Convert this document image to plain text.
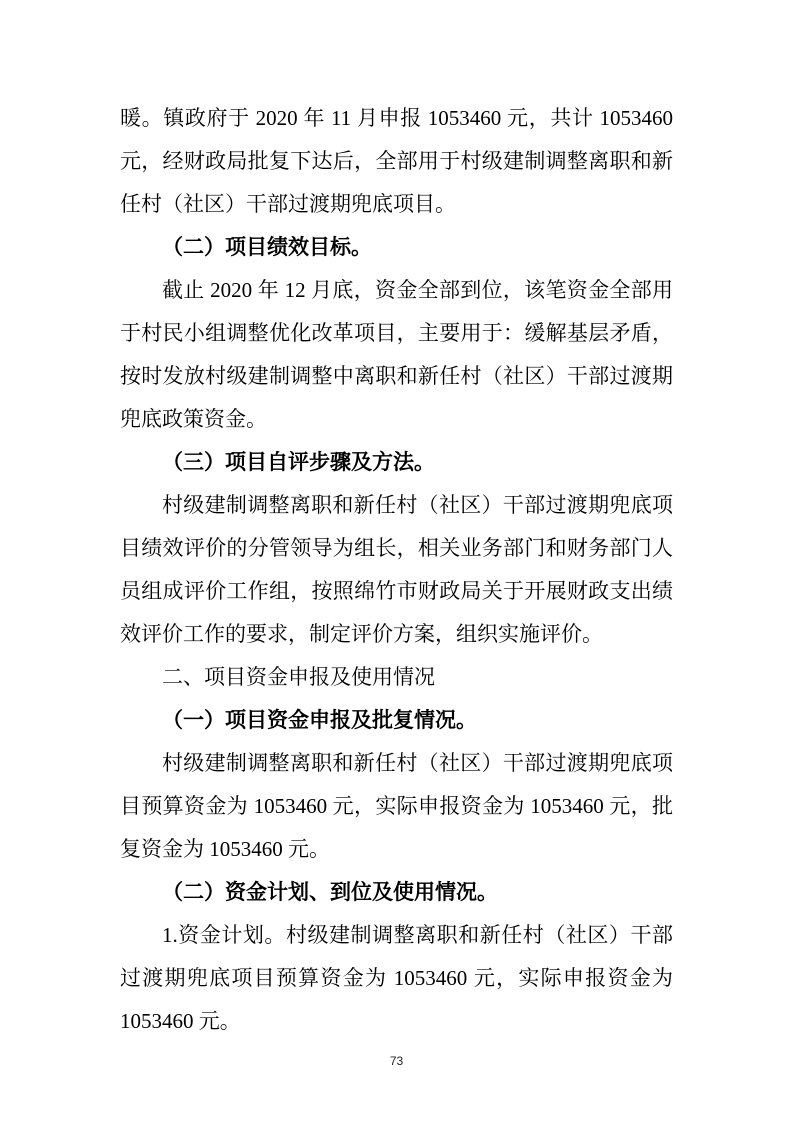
暖。镇政府于 2020 年 11 月申报 1053460 元，共计 1053460
元，经财政局批复下达后，全部用于村级建制调整离职和新
任村（社区）干部过渡期兜底项目。
（二）项目绩效目标。
截止 2020 年 12 月底，资金全部到位，该笔资金全部用
于村民小组调整优化改革项目，主要用于：缓解基层矛盾，
按时发放村级建制调整中离职和新任村（社区）干部过渡期
兜底政策资金。
（三）项目自评步骤及方法。
村级建制调整离职和新任村（社区）干部过渡期兜底项
目绩效评价的分管领导为组长，相关业务部门和财务部门人
员组成评价工作组，按照绵竹市财政局关于开展财政支出绩
效评价工作的要求，制定评价方案，组织实施评价。
二、项目资金申报及使用情况
（一）项目资金申报及批复情况。
村级建制调整离职和新任村（社区）干部过渡期兜底项
目预算资金为 1053460 元，实际申报资金为 1053460 元，批
复资金为 1053460 元。
（二）资金计划、到位及使用情况。
1.资金计划。村级建制调整离职和新任村（社区）干部
过渡期兜底项目预算资金为 1053460 元，实际申报资金为
1053460 元。
73
